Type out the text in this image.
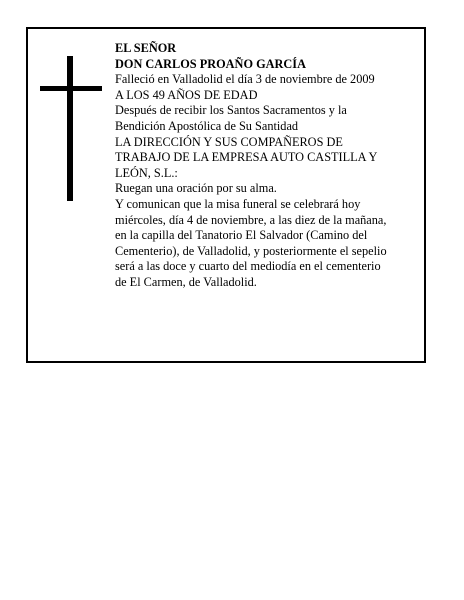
EL SEÑOR
DON CARLOS PROAÑO GARCÍA
Falleció en Valladolid el día 3 de noviembre de 2009
A LOS 49 AÑOS DE EDAD
Después de recibir los Santos Sacramentos y la
Bendición Apostólica de Su Santidad
LA DIRECCIÓN Y SUS COMPAÑEROS DE
TRABAJO DE LA EMPRESA AUTO CASTILLA Y
LEÓN, S.L.:
Ruegan una oración por su alma.
Y comunican que la misa funeral se celebrará hoy
miércoles, día 4 de noviembre, a las diez de la mañana,
en la capilla del Tanatorio El Salvador (Camino del
Cementerio), de Valladolid, y posteriormente el sepelio
será a las doce y cuarto del mediodía en el cementerio
de El Carmen, de Valladolid.
